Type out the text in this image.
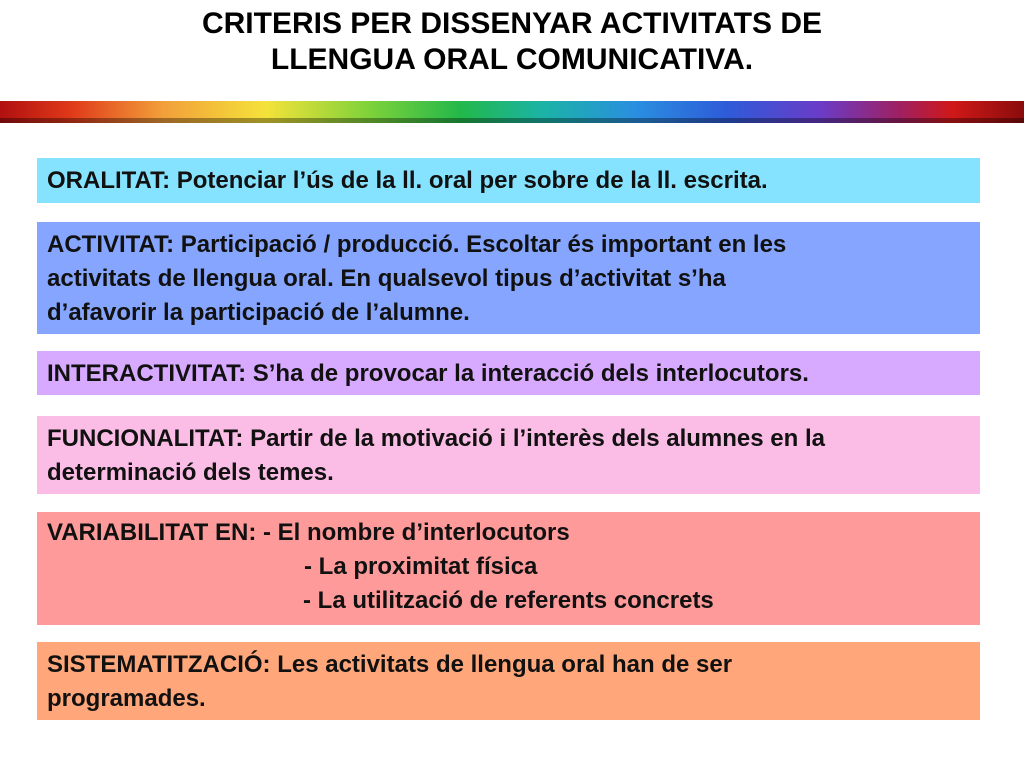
CRITERIS PER DISSENYAR ACTIVITATS DE
LLENGUA ORAL COMUNICATIVA.
ORALITAT: Potenciar l’ús de la ll. oral per sobre de la ll. escrita.
ACTIVITAT: Participació / producció. Escoltar és important en les
activitats de llengua oral. En qualsevol tipus d’activitat s’ha
d’afavorir la participació de l’alumne.
INTERACTIVITAT: S’ha de provocar la interacció dels interlocutors.
FUNCIONALITAT: Partir de la motivació i l’interès dels alumnes en la
determinació dels temes.
VARIABILITAT EN: - El nombre d’interlocutors
- La proximitat física
- La utilització de referents concrets
SISTEMATITZACIÓ: Les activitats de llengua oral han de ser
programades.
